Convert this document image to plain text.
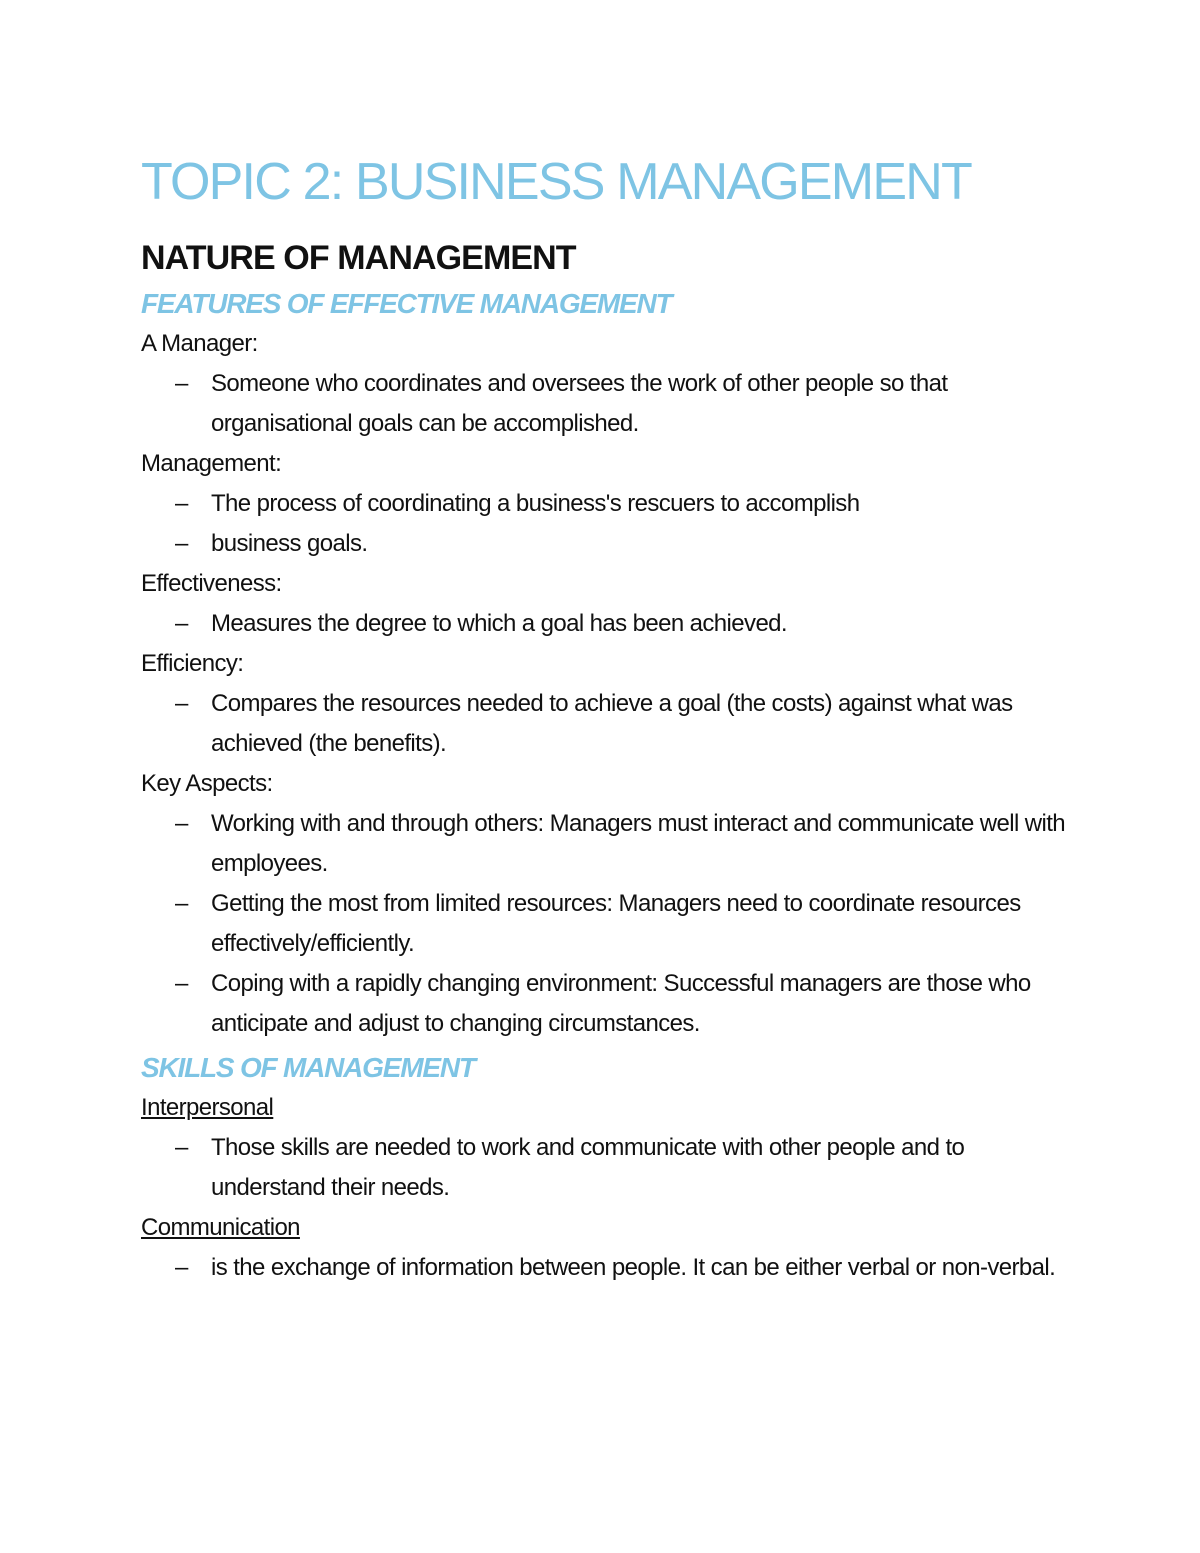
TOPIC 2: BUSINESS MANAGEMENT
NATURE OF MANAGEMENT
FEATURES OF EFFECTIVE MANAGEMENT

A Manager:

– Someone who coordinates and oversees the work of other people so that organisational goals can be accomplished.

Management:

– The process of coordinating a business's rescuers to accomplish
– business goals.

Effectiveness:

– Measures the degree to which a goal has been achieved.

Efficiency:

– Compares the resources needed to achieve a goal (the costs) against what was achieved (the benefits).

Key Aspects:

– Working with and through others: Managers must interact and communicate well with employees.
– Getting the most from limited resources: Managers need to coordinate resources effectively/efficiently.
– Coping with a rapidly changing environment: Successful managers are those who anticipate and adjust to changing circumstances.
SKILLS OF MANAGEMENT

Interpersonal

– Those skills are needed to work and communicate with other people and to understand their needs.

Communication

– is the exchange of information between people. It can be either verbal or non-verbal.
